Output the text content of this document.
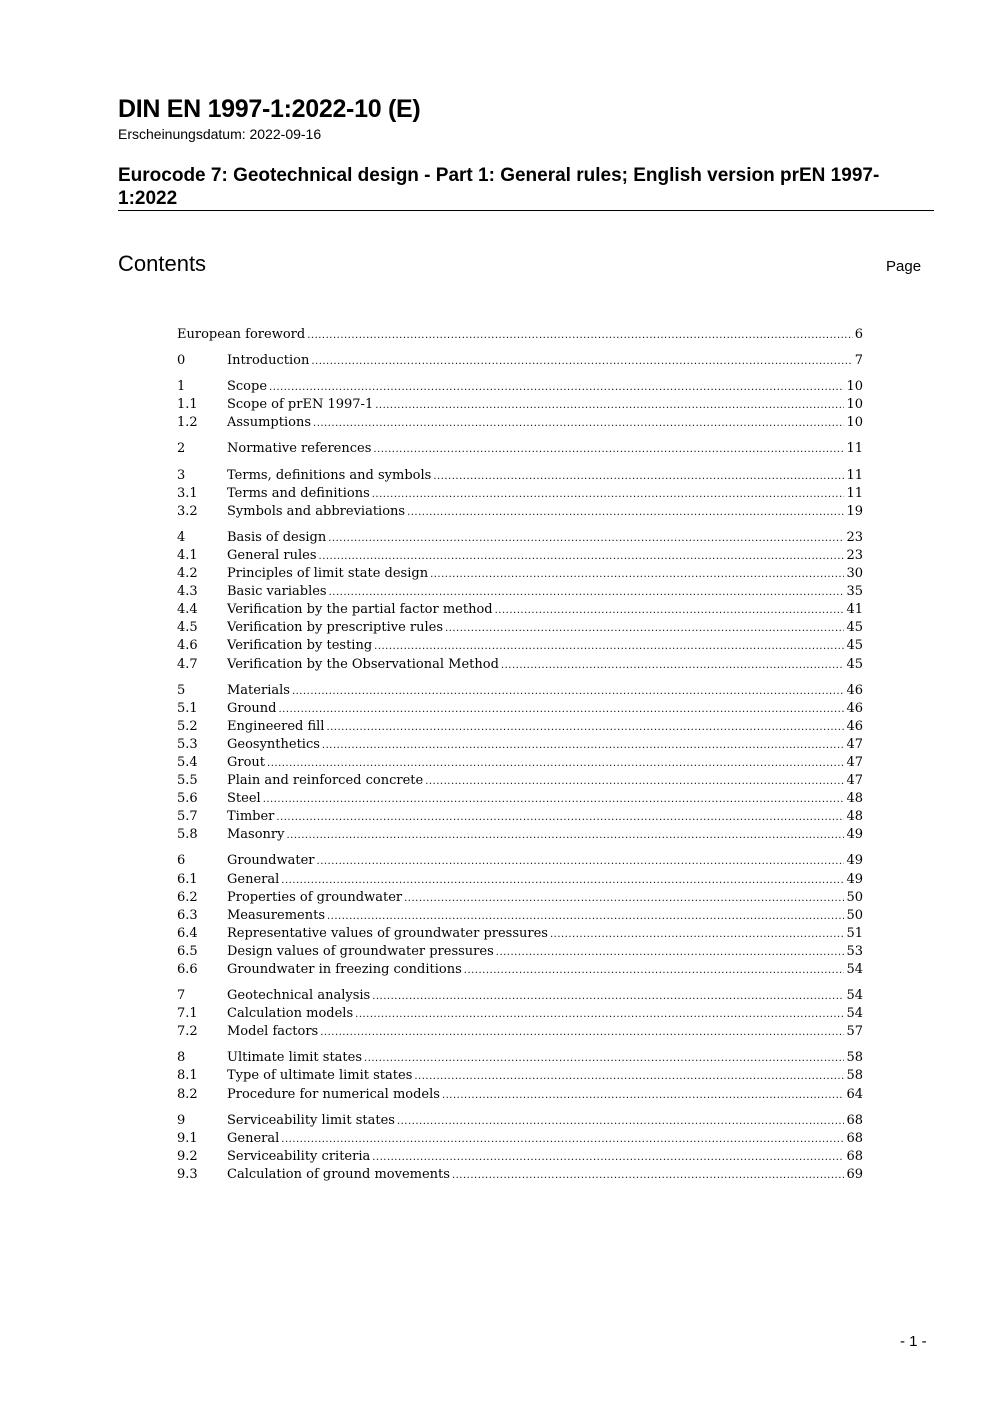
DIN EN 1997-1:2022-10 (E)
Erscheinungsdatum: 2022-09-16
Eurocode 7: Geotechnical design - Part 1: General rules; English version prEN 1997-1:2022
Contents	Page
European foreword .....	6
0	Introduction .....	7
1	Scope .....	10
1.1	Scope of prEN 1997-1 .....	10
1.2	Assumptions .....	10
2	Normative references .....	11
3	Terms, definitions and symbols .....	11
3.1	Terms and definitions .....	11
3.2	Symbols and abbreviations .....	19
4	Basis of design .....	23
4.1	General rules .....	23
4.2	Principles of limit state design .....	30
4.3	Basic variables .....	35
4.4	Verification by the partial factor method .....	41
4.5	Verification by prescriptive rules .....	45
4.6	Verification by testing .....	45
4.7	Verification by the Observational Method .....	45
5	Materials .....	46
5.1	Ground .....	46
5.2	Engineered fill .....	46
5.3	Geosynthetics .....	47
5.4	Grout .....	47
5.5	Plain and reinforced concrete .....	47
5.6	Steel .....	48
5.7	Timber .....	48
5.8	Masonry .....	49
6	Groundwater .....	49
6.1	General .....	49
6.2	Properties of groundwater .....	50
6.3	Measurements .....	50
6.4	Representative values of groundwater pressures .....	51
6.5	Design values of groundwater pressures .....	53
6.6	Groundwater in freezing conditions .....	54
7	Geotechnical analysis .....	54
7.1	Calculation models .....	54
7.2	Model factors .....	57
8	Ultimate limit states .....	58
8.1	Type of ultimate limit states .....	58
8.2	Procedure for numerical models .....	64
9	Serviceability limit states .....	68
9.1	General .....	68
9.2	Serviceability criteria .....	68
9.3	Calculation of ground movements .....	69
- 1 -
